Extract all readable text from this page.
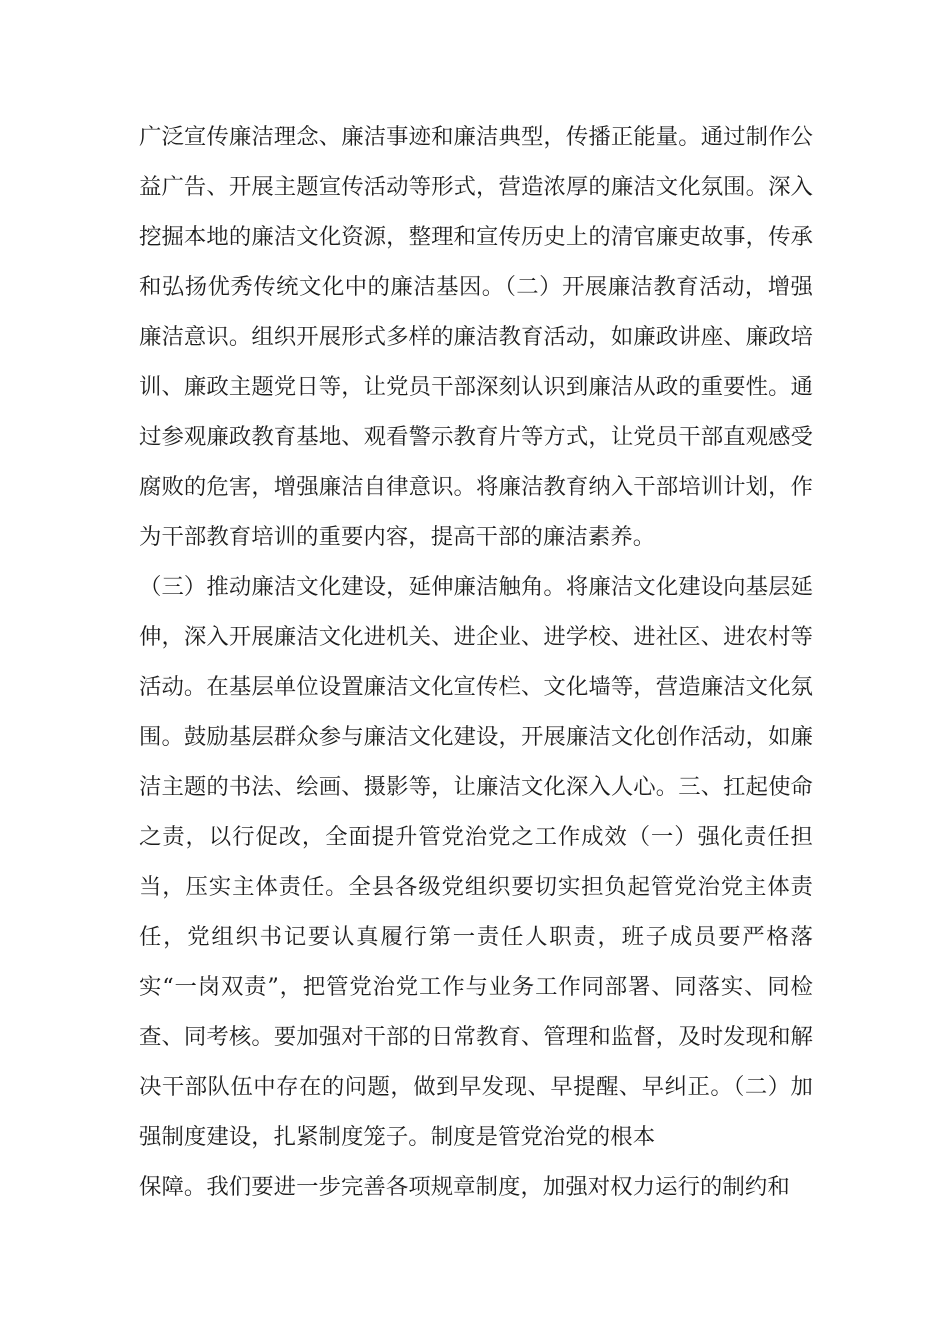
广泛宣传廉洁理念、廉洁事迹和廉洁典型，传播正能量。通过制作公益广告、开展主题宣传活动等形式，营造浓厚的廉洁文化氛围。深入挖掘本地的廉洁文化资源，整理和宣传历史上的清官廉吏故事，传承和弘扬优秀传统文化中的廉洁基因。（二）开展廉洁教育活动，增强廉洁意识。组织开展形式多样的廉洁教育活动，如廉政讲座、廉政培训、廉政主题党日等，让党员干部深刻认识到廉洁从政的重要性。通过参观廉政教育基地、观看警示教育片等方式，让党员干部直观感受腐败的危害，增强廉洁自律意识。将廉洁教育纳入干部培训计划，作为干部教育培训的重要内容，提高干部的廉洁素养。

（三）推动廉洁文化建设，延伸廉洁触角。将廉洁文化建设向基层延伸，深入开展廉洁文化进机关、进企业、进学校、进社区、进农村等活动。在基层单位设置廉洁文化宣传栏、文化墙等，营造廉洁文化氛围。鼓励基层群众参与廉洁文化建设，开展廉洁文化创作活动，如廉洁主题的书法、绘画、摄影等，让廉洁文化深入人心。三、扛起使命之责，以行促改，全面提升管党治党之工作成效（一）强化责任担当，压实主体责任。全县各级党组织要切实担负起管党治党主体责任，党组织书记要认真履行第一责任人职责，班子成员要严格落实“一岗双责”，把管党治党工作与业务工作同部署、同落实、同检查、同考核。要加强对干部的日常教育、管理和监督，及时发现和解决干部队伍中存在的问题，做到早发现、早提醒、早纠正。（二）加强制度建设，扎紧制度笼子。制度是管党治党的根本

保障。我们要进一步完善各项规章制度，加强对权力运行的制约和
